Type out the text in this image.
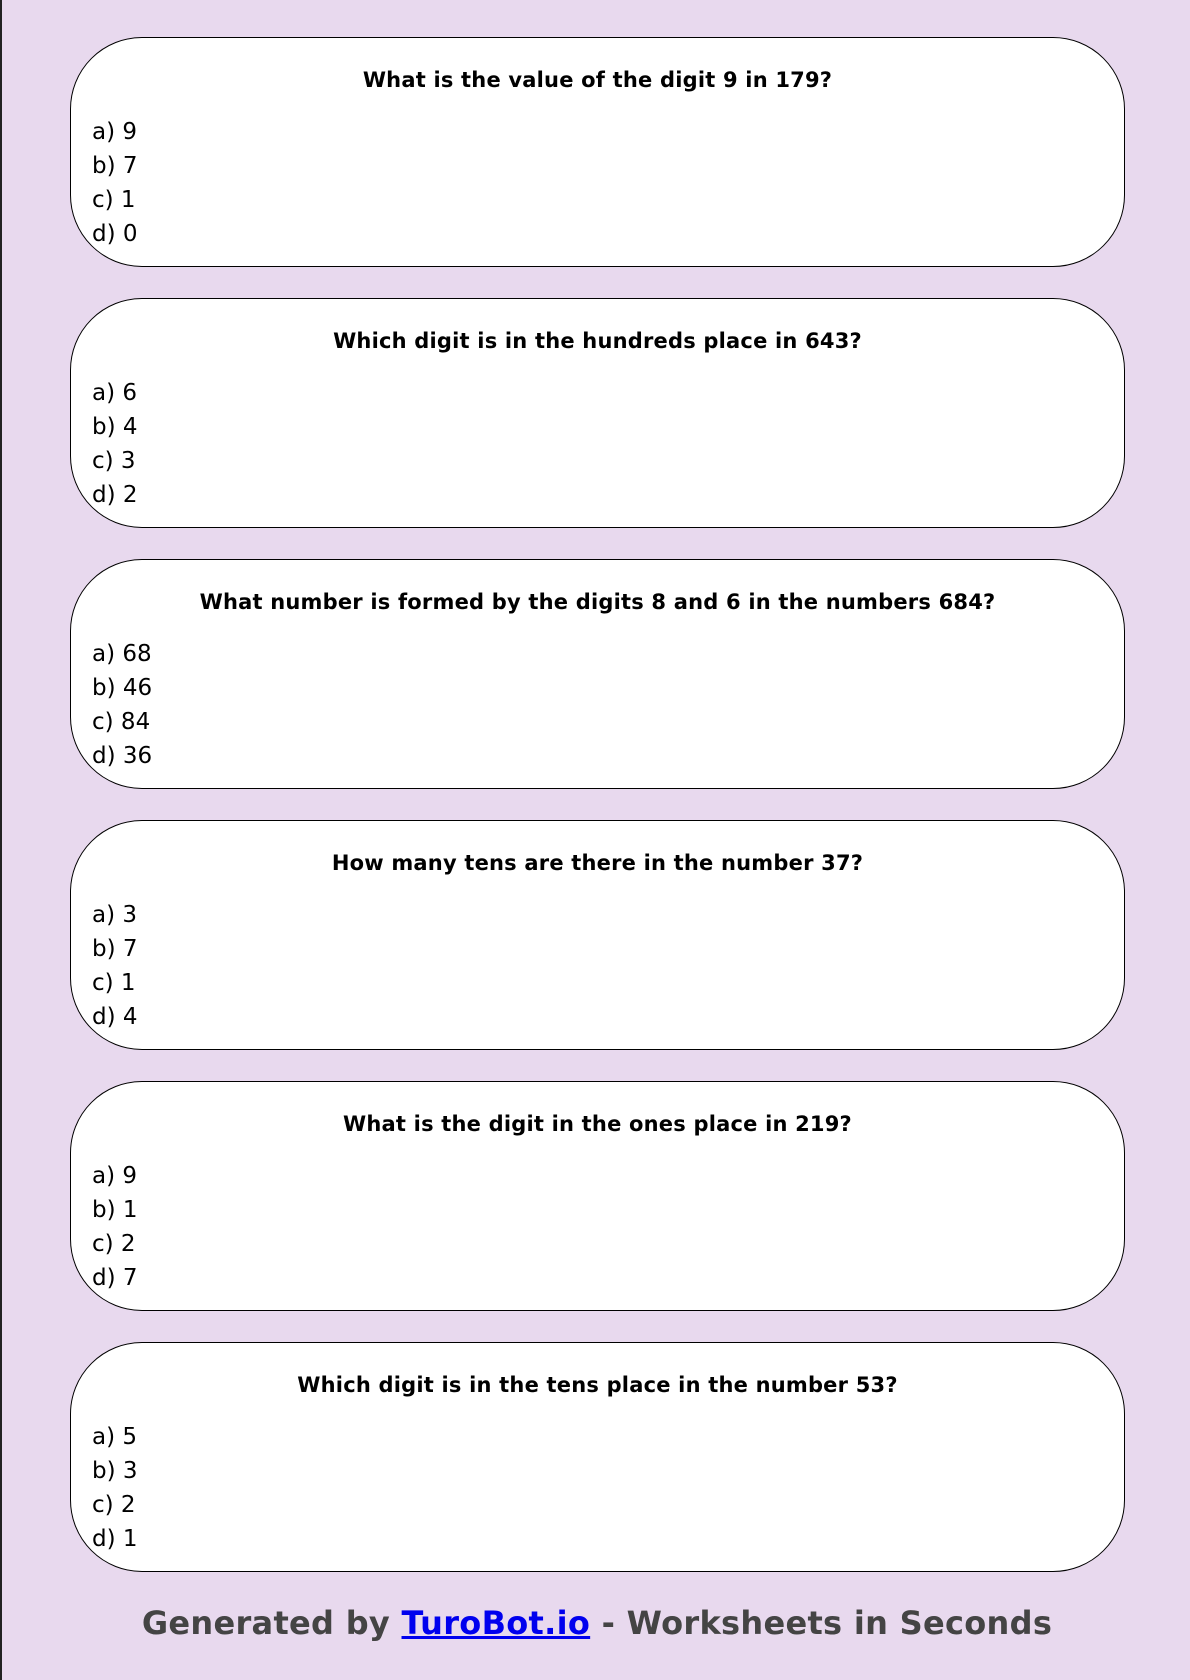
What is the value of the digit 9 in 179?
a) 9
b) 7
c) 1
d) 0
Which digit is in the hundreds place in 643?
a) 6
b) 4
c) 3
d) 2
What number is formed by the digits 8 and 6 in the numbers 684?
a) 68
b) 46
c) 84
d) 36
How many tens are there in the number 37?
a) 3
b) 7
c) 1
d) 4
What is the digit in the ones place in 219?
a) 9
b) 1
c) 2
d) 7
Which digit is in the tens place in the number 53?
a) 5
b) 3
c) 2
d) 1
Generated by TuroBot.io - Worksheets in Seconds
